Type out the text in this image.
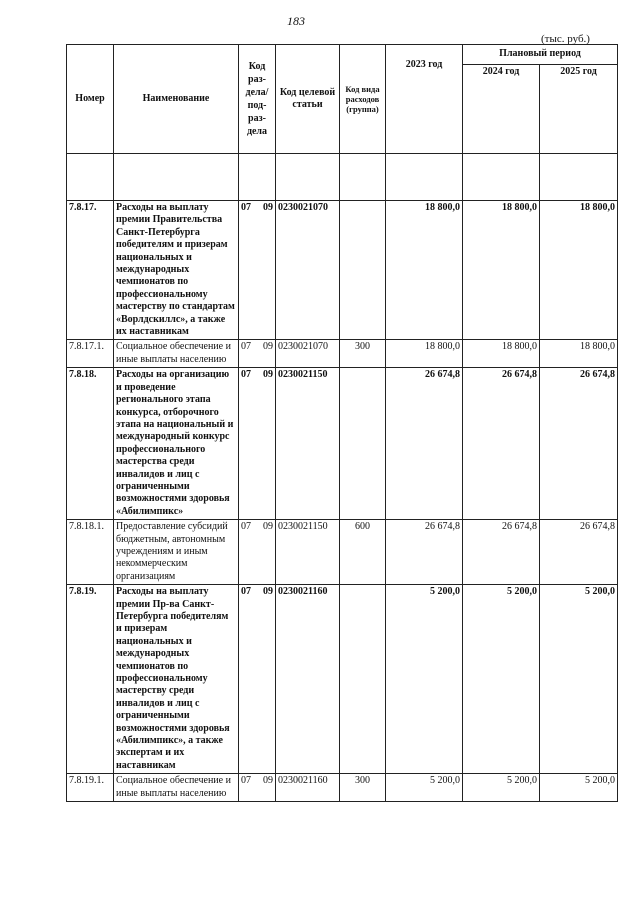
183
(тыс. руб.)
Номер	Наименование	Код раз-дела/ под-раз-дела	Код целевой статьи	Код вида расходов (группа)	2023 год	Плановый период	
						2024 год	2025 год

7.8.17.	Расходы на выплату премии Правительства Санкт-Петербурга победителям и призерам национальных и международных чемпионатов по профессиональному мастерству по стандартам «Ворлдскиллс», а также их наставникам	07 09	0230021070		18 800,0	18 800,0	18 800,0
7.8.17.1.	Социальное обеспечение и иные выплаты населению	07 09	0230021070	300	18 800,0	18 800,0	18 800,0
7.8.18.	Расходы на организацию и проведение регионального этапа конкурса, отборочного этапа на национальный и международный конкурс профессионального мастерства среди инвалидов и лиц с ограниченными возможностями здоровья «Абилимпикс»	07 09	0230021150		26 674,8	26 674,8	26 674,8
7.8.18.1.	Предоставление субсидий бюджетным, автономным учреждениям и иным некоммерческим организациям	07 09	0230021150	600	26 674,8	26 674,8	26 674,8
7.8.19.	Расходы на выплату премии Пр-ва Санкт-Петербурга победителям и призерам национальных и международных чемпионатов по профессиональному мастерству среди инвалидов и лиц с ограниченными возможностями здоровья «Абилимпикс», а также экспертам и их наставникам	07 09	0230021160		5 200,0	5 200,0	5 200,0
7.8.19.1.	Социальное обеспечение и иные выплаты населению	07 09	0230021160	300	5 200,0	5 200,0	5 200,0
